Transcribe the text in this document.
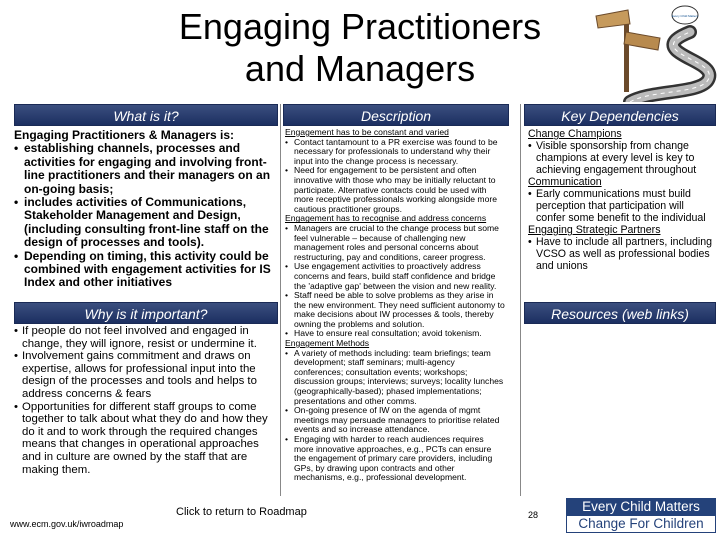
Engaging Practitioners
and Managers
Every Child Matters
What is it?	Description	Key Dependencies
Why is it important?	Resources (web links)
Engaging Practitioners & Managers is:
• establishing channels, processes and activities for engaging and involving front-line practitioners and their managers on an on-going basis;
• includes activities of Communications, Stakeholder Management and Design, (including consulting front-line staff on the design of processes and tools).
• Depending on timing, this activity could be combined with engagement activities for IS Index and other initiatives
• If people do not feel involved and engaged in change, they will ignore, resist or undermine it.
• Involvement gains commitment and draws on expertise, allows for professional input into the design of the processes and tools and helps to address concerns & fears
• Opportunities for different staff groups to come together to talk about what they do and how they do it and to work through the required changes means that changes in operational approaches and in culture are owned by the staff that are making them.
Engagement has to be constant and varied
• Contact tantamount to a PR exercise was found to be necessary for professionals to understand why their input into the change process is necessary.
• Need for engagement to be persistent and often innovative with those who may be initially reluctant to participate. Alternative contacts could be used with more receptive professionals working alongside more cautious practitioner groups.
Engagement has to recognise and address concerns
• Managers are crucial to the change process but some feel vulnerable – because of challenging new management roles and personal concerns about restructuring, pay and conditions, career progress.
• Use engagement activities to proactively address concerns and fears, build staff confidence and bridge the 'adaptive gap' between the vision and new reality.
• Staff need be able to solve problems as they arise in the new environment. They need sufficient autonomy to make decisions about IW processes & tools, thereby owning the problems and solution.
• Have to ensure real consultation; avoid tokenism.
Engagement Methods
• A variety of methods including: team briefings; team development; staff seminars; multi-agency conferences; consultation events; workshops; discussion groups; interviews; surveys; locality lunches (geographically-based); phased implementations; presentations and other comms.
• On-going presence of IW on the agenda of mgmt meetings may persuade managers to prioritise related events and so increase attendance.
• Engaging with harder to reach audiences requires more innovative approaches, e.g., PCTs can ensure the engagement of primary care providers, including GPs, by drawing upon contracts and other mechanisms, e.g., professional development.
Change Champions
• Visible sponsorship from change champions at every level is key to achieving engagement throughout
Communication
• Early communications must build perception that participation will confer some benefit to the individual
Engaging Strategic Partners
• Have to include all partners, including VCSO as well as professional bodies and unions
www.ecm.gov.uk/iwroadmap
Click to return to Roadmap	28
Every Child Matters
Change For Children
